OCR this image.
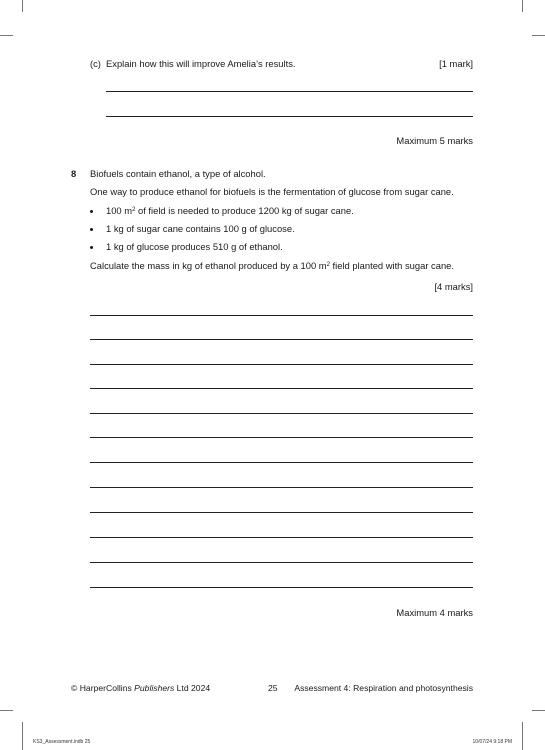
(c) Explain how this will improve Amelia’s results.	[1 mark]
Maximum 5 marks
8 Biofuels contain ethanol, a type of alcohol.
One way to produce ethanol for biofuels is the fermentation of glucose from sugar cane.
100 $m^2$ of field is needed to produce 1200 kg of sugar cane.
1 kg of sugar cane contains 100 g of glucose.
1 kg of glucose produces 510 g of ethanol.
Calculate the mass in kg of ethanol produced by a 100 $m^2$ field planted with sugar cane.
[4 marks]
Maximum 4 marks
© HarperCollins Publishers Ltd 2024	25 Assessment 4: Respiration and photosynthesis
KS3_Assessment.indb 25	10/07/24 9:18 PM
